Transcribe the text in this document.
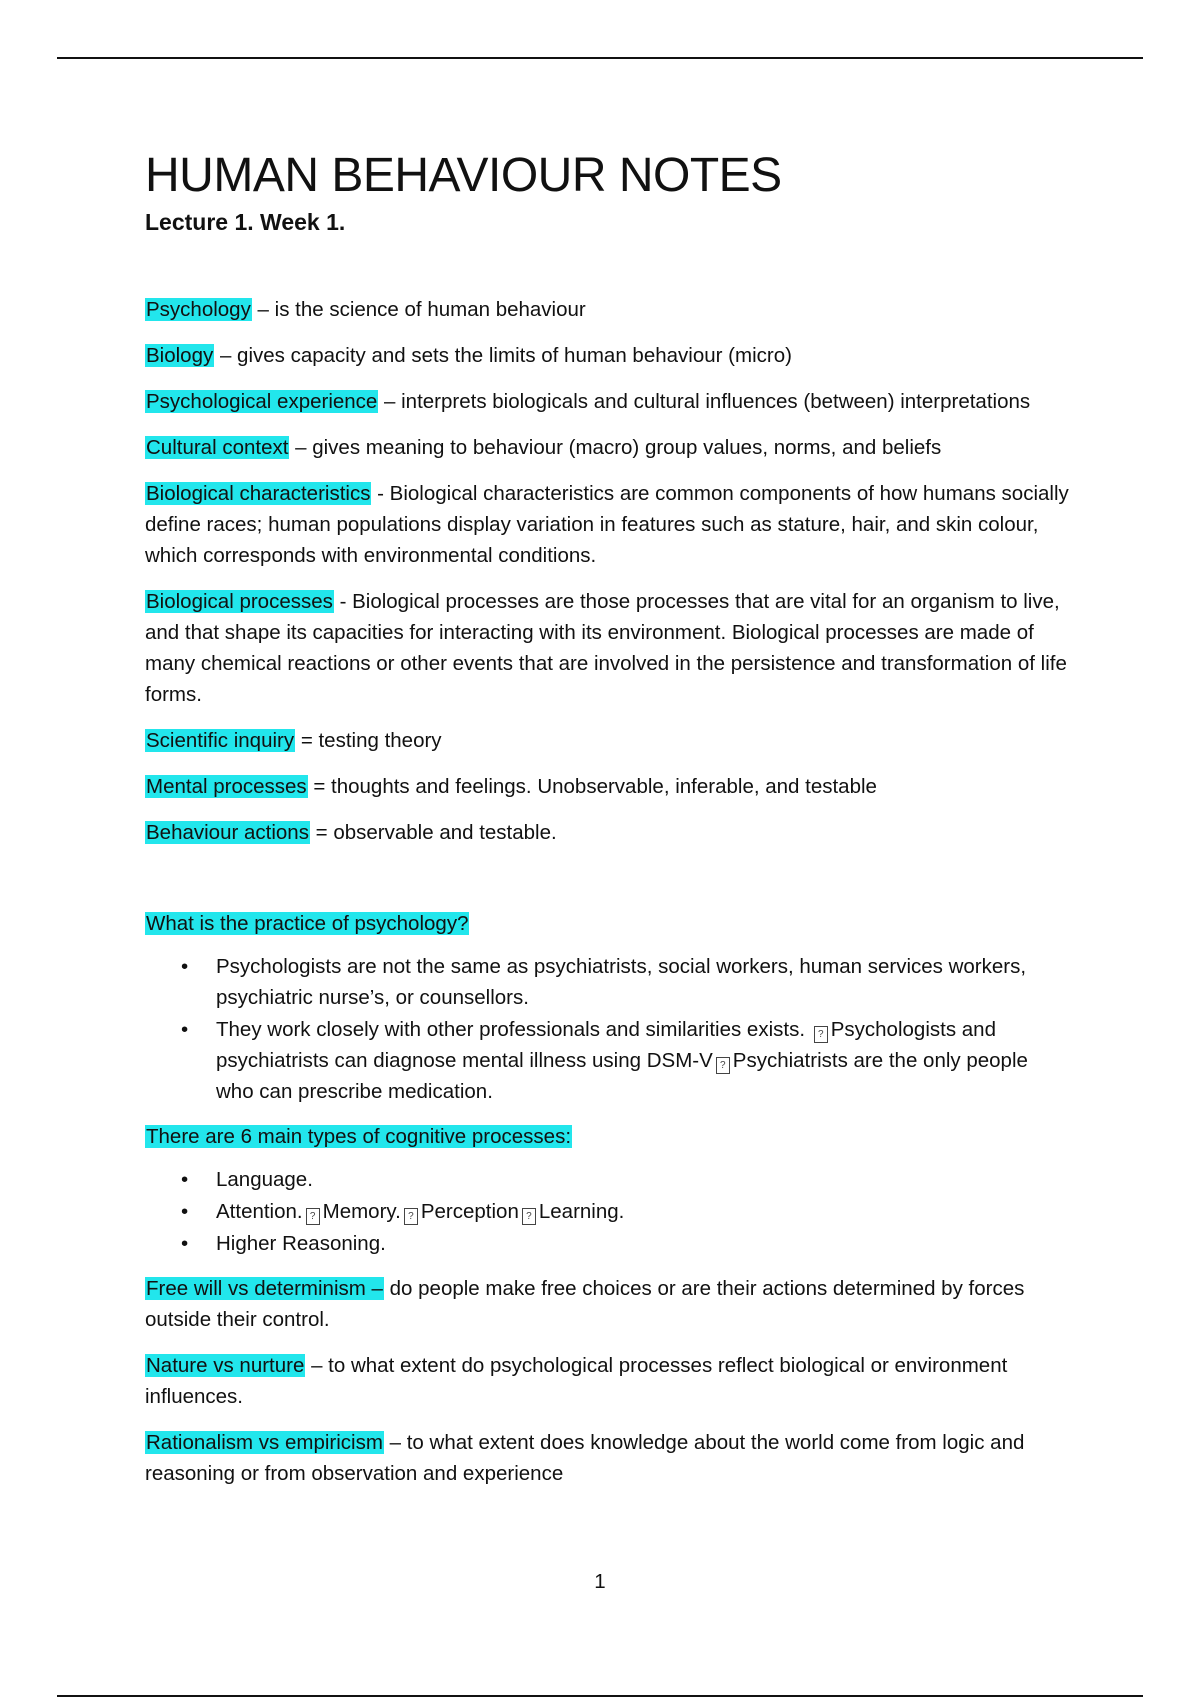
HUMAN BEHAVIOUR NOTES
Lecture 1. Week 1.

Psychology – is the science of human behaviour

Biology – gives capacity and sets the limits of human behaviour (micro)

Psychological experience – interprets biologicals and cultural influences (between) interpretations

Cultural context – gives meaning to behaviour (macro) group values, norms, and beliefs

Biological characteristics - Biological characteristics are common components of how humans socially define races; human populations display variation in features such as stature, hair, and skin colour, which corresponds with environmental conditions.

Biological processes - Biological processes are those processes that are vital for an organism to live, and that shape its capacities for interacting with its environment. Biological processes are made of many chemical reactions or other events that are involved in the persistence and transformation of life forms.

Scientific inquiry = testing theory

Mental processes = thoughts and feelings. Unobservable, inferable, and testable

Behaviour actions = observable and testable.

What is the practice of psychology?
• Psychologists are not the same as psychiatrists, social workers, human services workers, psychiatric nurse’s, or counsellors.
• They work closely with other professionals and similarities exists. ? Psychologists and psychiatrists can diagnose mental illness using DSM-V ? Psychiatrists are the only people who can prescribe medication.
There are 6 main types of cognitive processes:
• Language.
• Attention. ? Memory. ? Perception ? Learning.
• Higher Reasoning.

Free will vs determinism – do people make free choices or are their actions determined by forces outside their control.

Nature vs nurture – to what extent do psychological processes reflect biological or environment influences.

Rationalism vs empiricism – to what extent does knowledge about the world come from logic and reasoning or from observation and experience

1
